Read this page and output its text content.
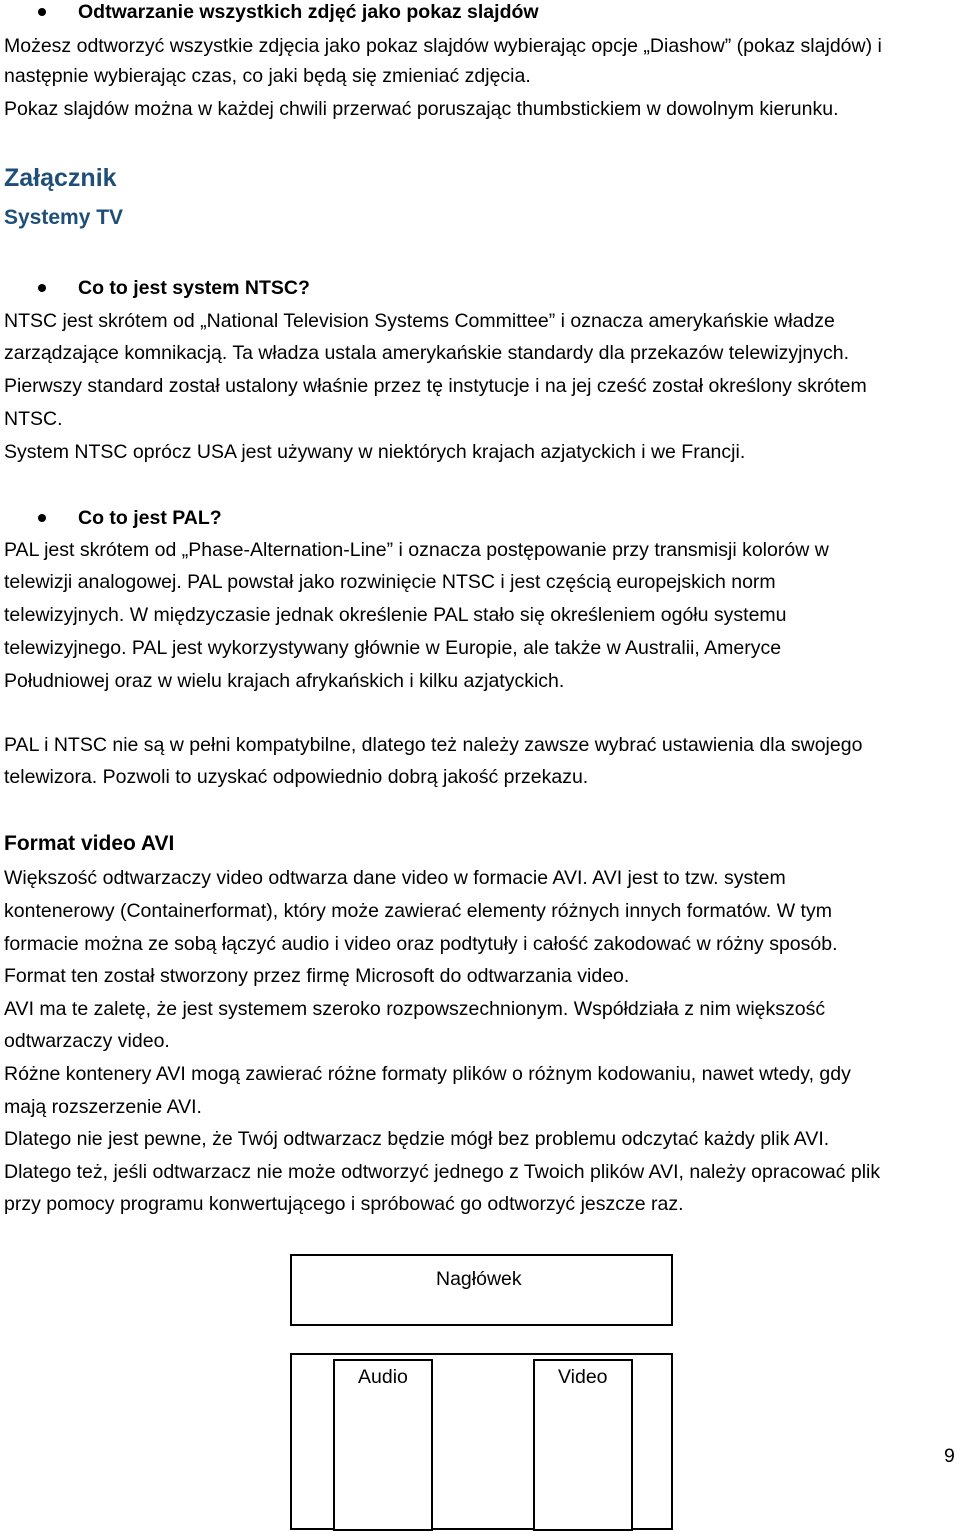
Odtwarzanie wszystkich zdjęć jako pokaz slajdów
Możesz odtworzyć wszystkie zdjęcia jako pokaz slajdów wybierając opcje „Diashow” (pokaz slajdów) i
następnie wybierając czas, co jaki będą się zmieniać zdjęcia.
Pokaz slajdów można w każdej chwili przerwać poruszając thumbstickiem w dowolnym kierunku.
Załącznik
Systemy TV
Co to jest system NTSC?
NTSC jest skrótem od „National Television Systems Committee” i oznacza amerykańskie władze
zarządzające komnikacją. Ta władza ustala amerykańskie standardy dla przekazów telewizyjnych.
Pierwszy standard został ustalony właśnie przez tę instytucje i na jej cześć został określony skrótem
NTSC.
System NTSC oprócz USA jest używany w niektórych krajach azjatyckich i we Francji.
Co to jest PAL?
PAL jest skrótem od „Phase-Alternation-Line” i oznacza postępowanie przy transmisji kolorów w
telewizji analogowej. PAL powstał jako rozwinięcie NTSC i jest częścią europejskich norm
telewizyjnych. W międzyczasie jednak określenie PAL stało się określeniem ogółu systemu
telewizyjnego. PAL jest wykorzystywany głównie w Europie, ale także w Australii, Ameryce
Południowej oraz w wielu krajach afrykańskich i kilku azjatyckich.
PAL i NTSC nie są w pełni kompatybilne, dlatego też należy zawsze wybrać ustawienia dla swojego
telewizora. Pozwoli to uzyskać odpowiednio dobrą jakość przekazu.
Format video AVI
Większość odtwarzaczy video odtwarza dane video w formacie AVI. AVI jest to tzw. system
kontenerowy (Containerformat), który może zawierać elementy różnych innych formatów. W tym
formacie można ze sobą łączyć audio i video oraz podtytuły i całość zakodować w różny sposób.
Format ten został stworzony przez firmę Microsoft do odtwarzania video.
AVI ma te zaletę, że jest systemem szeroko rozpowszechnionym. Współdziała z nim większość
odtwarzaczy video.
Różne kontenery AVI mogą zawierać różne formaty plików o różnym kodowaniu, nawet wtedy, gdy
mają rozszerzenie AVI.
Dlatego nie jest pewne, że Twój odtwarzacz będzie mógł bez problemu odczytać każdy plik AVI.
Dlatego też, jeśli odtwarzacz nie może odtworzyć jednego z Twoich plików AVI, należy opracować plik
przy pomocy programu konwertującego i spróbować go odtworzyć jeszcze raz.
Nagłówek
Audio	Video
9
